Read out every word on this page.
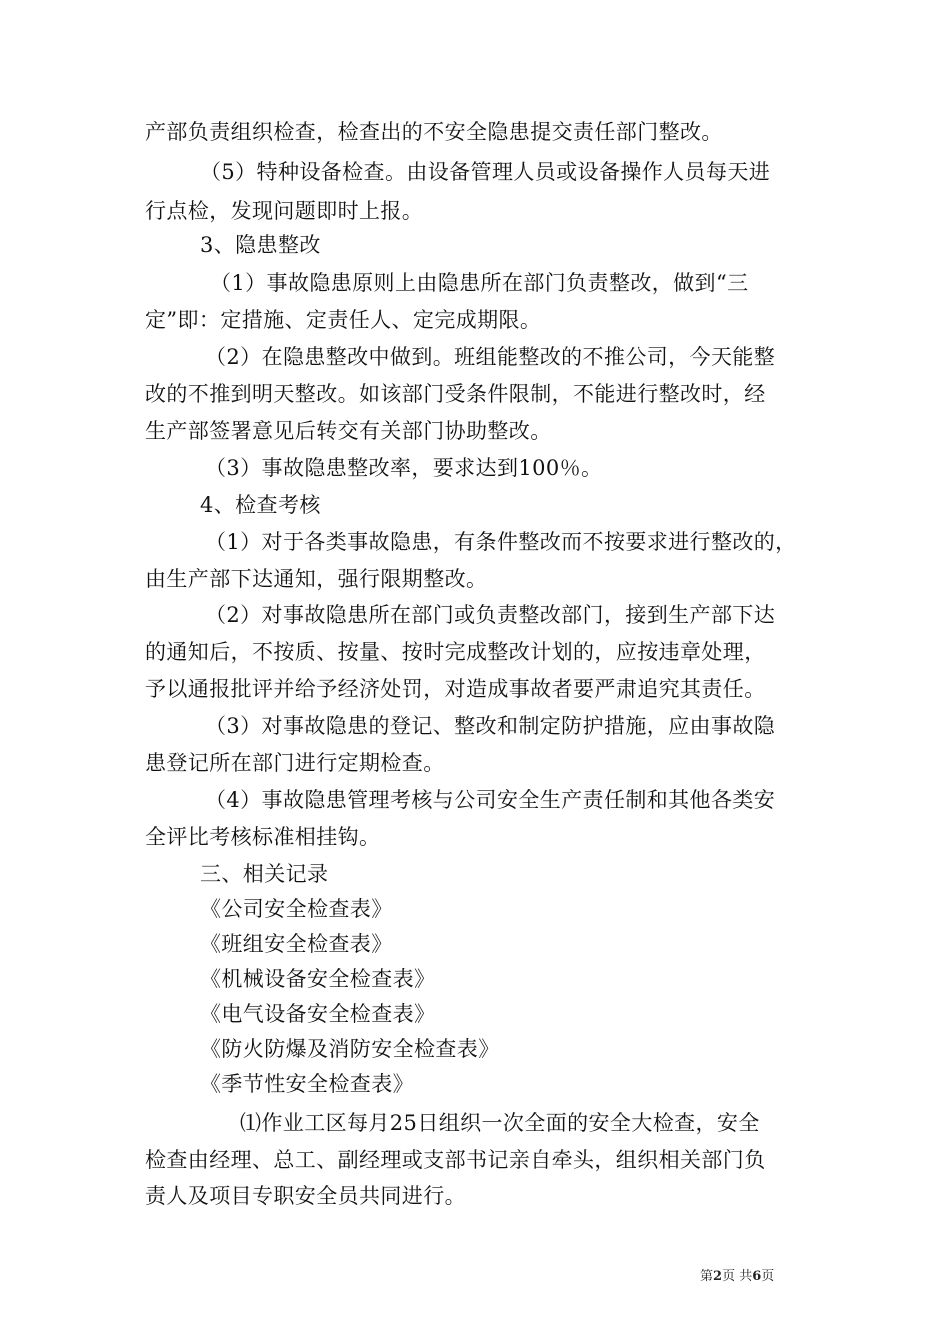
产部负责组织检查，检查出的不安全隐患提交责任部门整改。
（5）特种设备检查。由设备管理人员或设备操作人员每天进
行点检，发现问题即时上报。
3、隐患整改
（1）事故隐患原则上由隐患所在部门负责整改，做到“三
定”即：定措施、定责任人、定完成期限。
（2）在隐患整改中做到。班组能整改的不推公司，今天能整
改的不推到明天整改。如该部门受条件限制，不能进行整改时，经
生产部签署意见后转交有关部门协助整改。
（3）事故隐患整改率，要求达到100％。
4、检查考核
（1）对于各类事故隐患，有条件整改而不按要求进行整改的，
由生产部下达通知，强行限期整改。
（2）对事故隐患所在部门或负责整改部门，接到生产部下达
的通知后，不按质、按量、按时完成整改计划的，应按违章处理，
予以通报批评并给予经济处罚，对造成事故者要严肃追究其责任。
（3）对事故隐患的登记、整改和制定防护措施，应由事故隐
患登记所在部门进行定期检查。
（4）事故隐患管理考核与公司安全生产责任制和其他各类安
全评比考核标准相挂钩。
三、相关记录
《公司安全检查表》
《班组安全检查表》
《机械设备安全检查表》
《电气设备安全检查表》
《防火防爆及消防安全检查表》
《季节性安全检查表》
⑴作业工区每月25日组织一次全面的安全大检查，安全
检查由经理、总工、副经理或支部书记亲自牵头，组织相关部门负
责人及项目专职安全员共同进行。
第2页 共6页
